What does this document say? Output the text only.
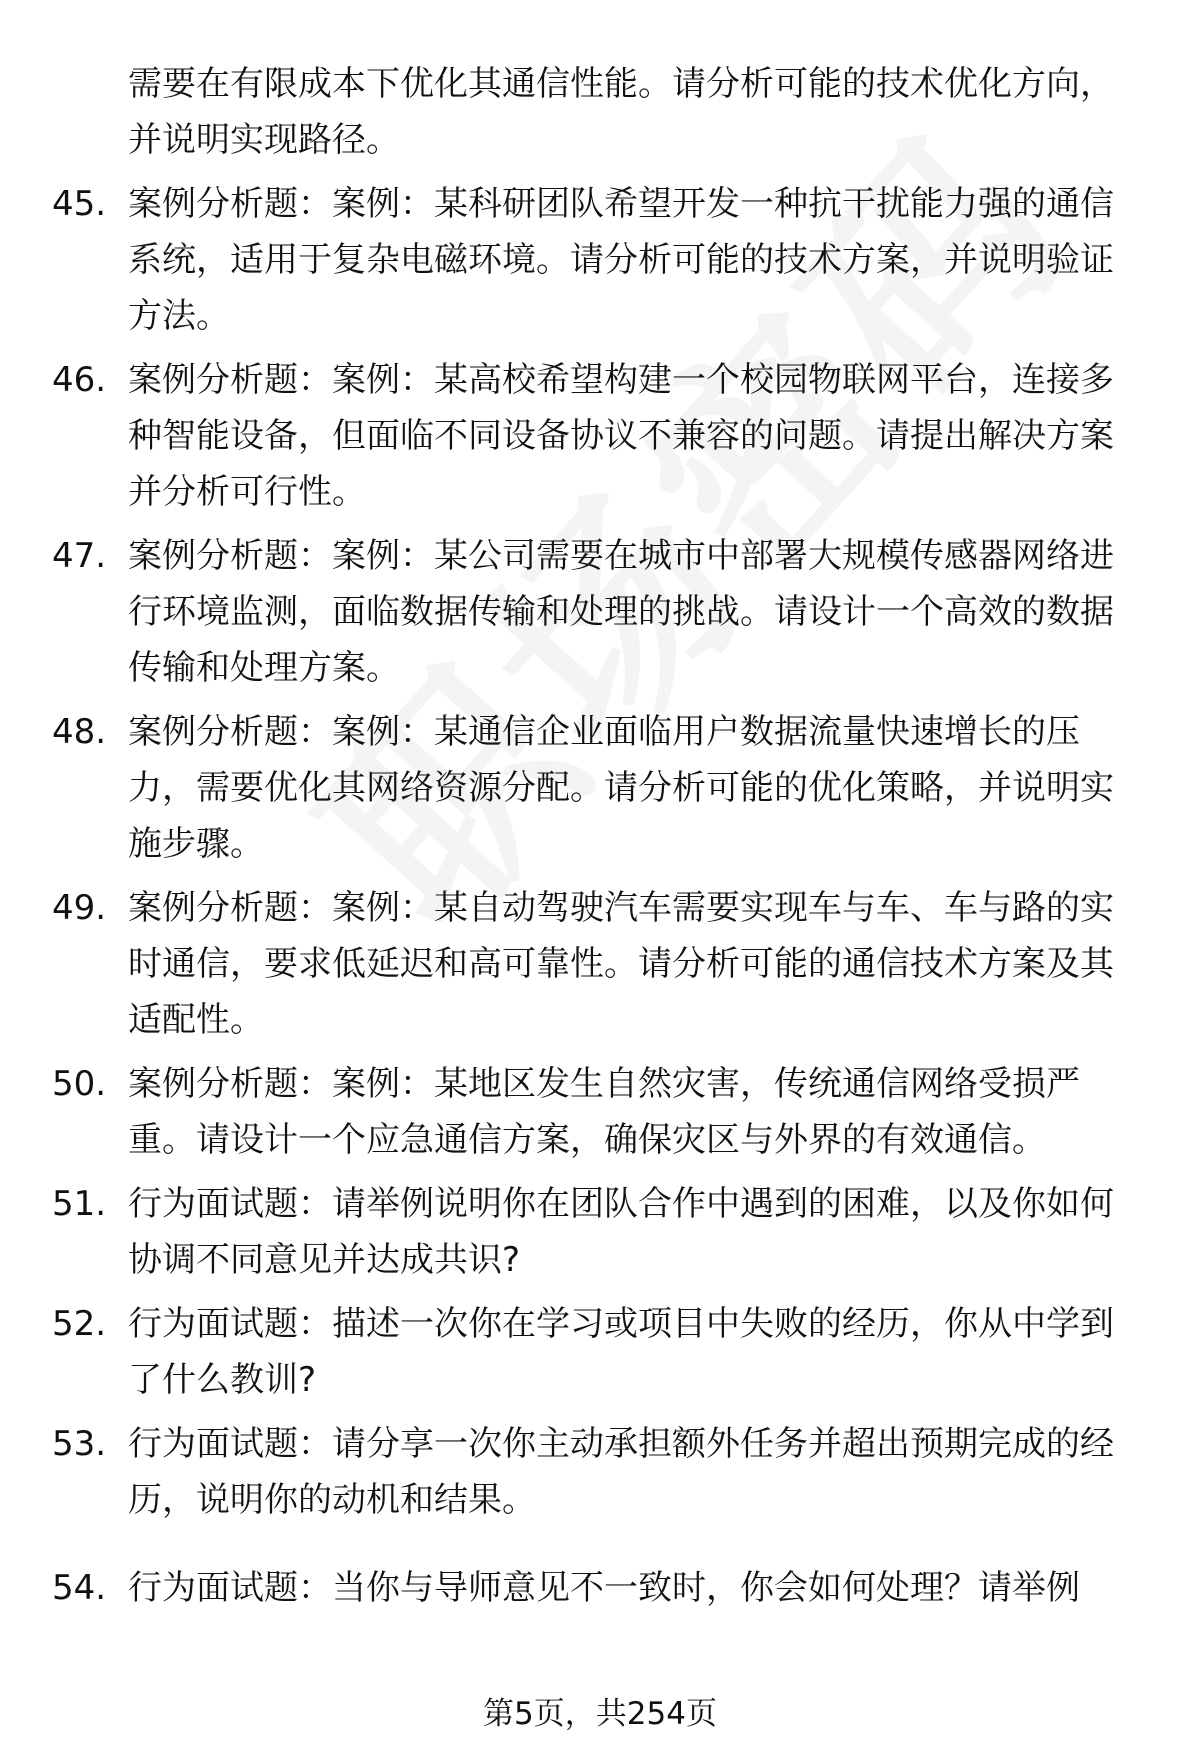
需要在有限成本下优化其通信性能。请分析可能的技术优化方向，并说明实现路径。
45. 案例分析题：案例：某科研团队希望开发一种抗干扰能力强的通信系统，适用于复杂电磁环境。请分析可能的技术方案，并说明验证方法。
46. 案例分析题：案例：某高校希望构建一个校园物联网平台，连接多种智能设备，但面临不同设备协议不兼容的问题。请提出解决方案并分析可行性。
47. 案例分析题：案例：某公司需要在城市中部署大规模传感器网络进行环境监测，面临数据传输和处理的挑战。请设计一个高效的数据传输和处理方案。
48. 案例分析题：案例：某通信企业面临用户数据流量快速增长的压力，需要优化其网络资源分配。请分析可能的优化策略，并说明实施步骤。
49. 案例分析题：案例：某自动驾驶汽车需要实现车与车、车与路的实时通信，要求低延迟和高可靠性。请分析可能的通信技术方案及其适配性。
50. 案例分析题：案例：某地区发生自然灾害，传统通信网络受损严重。请设计一个应急通信方案，确保灾区与外界的有效通信。
51. 行为面试题：请举例说明你在团队合作中遇到的困难，以及你如何协调不同意见并达成共识?
52. 行为面试题：描述一次你在学习或项目中失败的经历，你从中学到了什么教训?
53. 行为面试题：请分享一次你主动承担额外任务并超出预期完成的经历，说明你的动机和结果。
54. 行为面试题：当你与导师意见不一致时，你会如何处理？请举例
第5页，共254页
